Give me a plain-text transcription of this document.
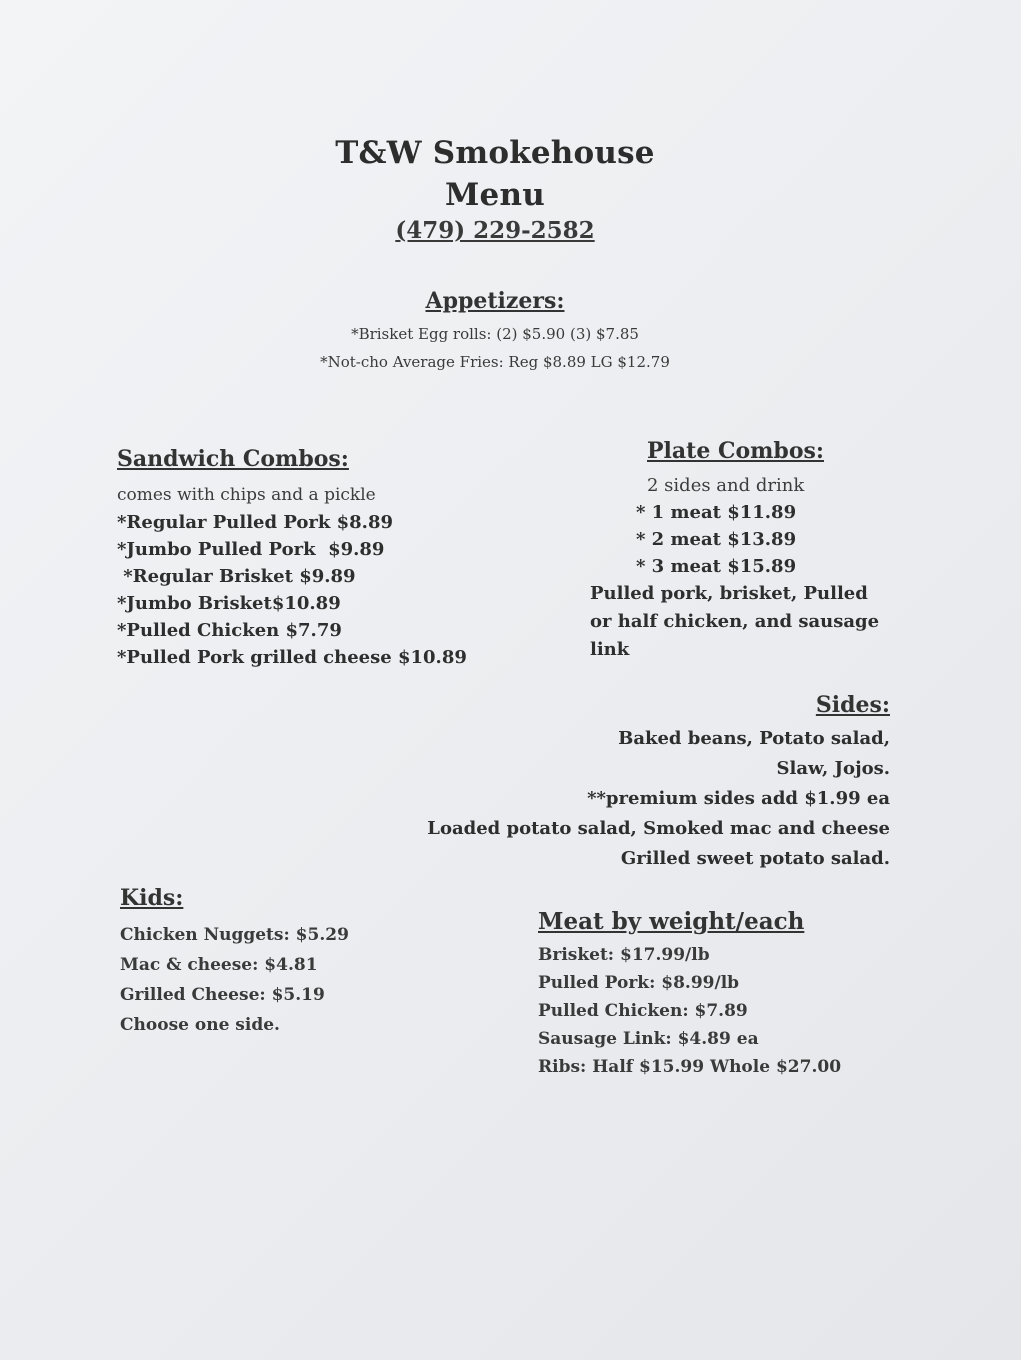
T&W Smokehouse
Menu
(479) 229-2582
Appetizers:
*Brisket Egg rolls: (2) $5.90 (3) $7.85
*Not-cho Average Fries: Reg $8.89 LG $12.79
Sandwich Combos:
comes with chips and a pickle
*Regular Pulled Pork $8.89
*Jumbo Pulled Pork  $9.89
*Regular Brisket $9.89
*Jumbo Brisket$10.89
*Pulled Chicken $7.79
*Pulled Pork grilled cheese $10.89
Plate Combos:
2 sides and drink
* 1 meat $11.89
* 2 meat $13.89
* 3 meat $15.89
Pulled pork, brisket, Pulled or half chicken, and sausage link
Sides:
Baked beans, Potato salad,
Slaw, Jojos.
**premium sides add $1.99 ea
Loaded potato salad, Smoked mac and cheese
Grilled sweet potato salad.
Kids:
Chicken Nuggets: $5.29
Mac & cheese: $4.81
Grilled Cheese: $5.19
Choose one side.
Meat by weight/each
Brisket: $17.99/lb
Pulled Pork: $8.99/lb
Pulled Chicken: $7.89
Sausage Link: $4.89 ea
Ribs: Half $15.99 Whole $27.00
